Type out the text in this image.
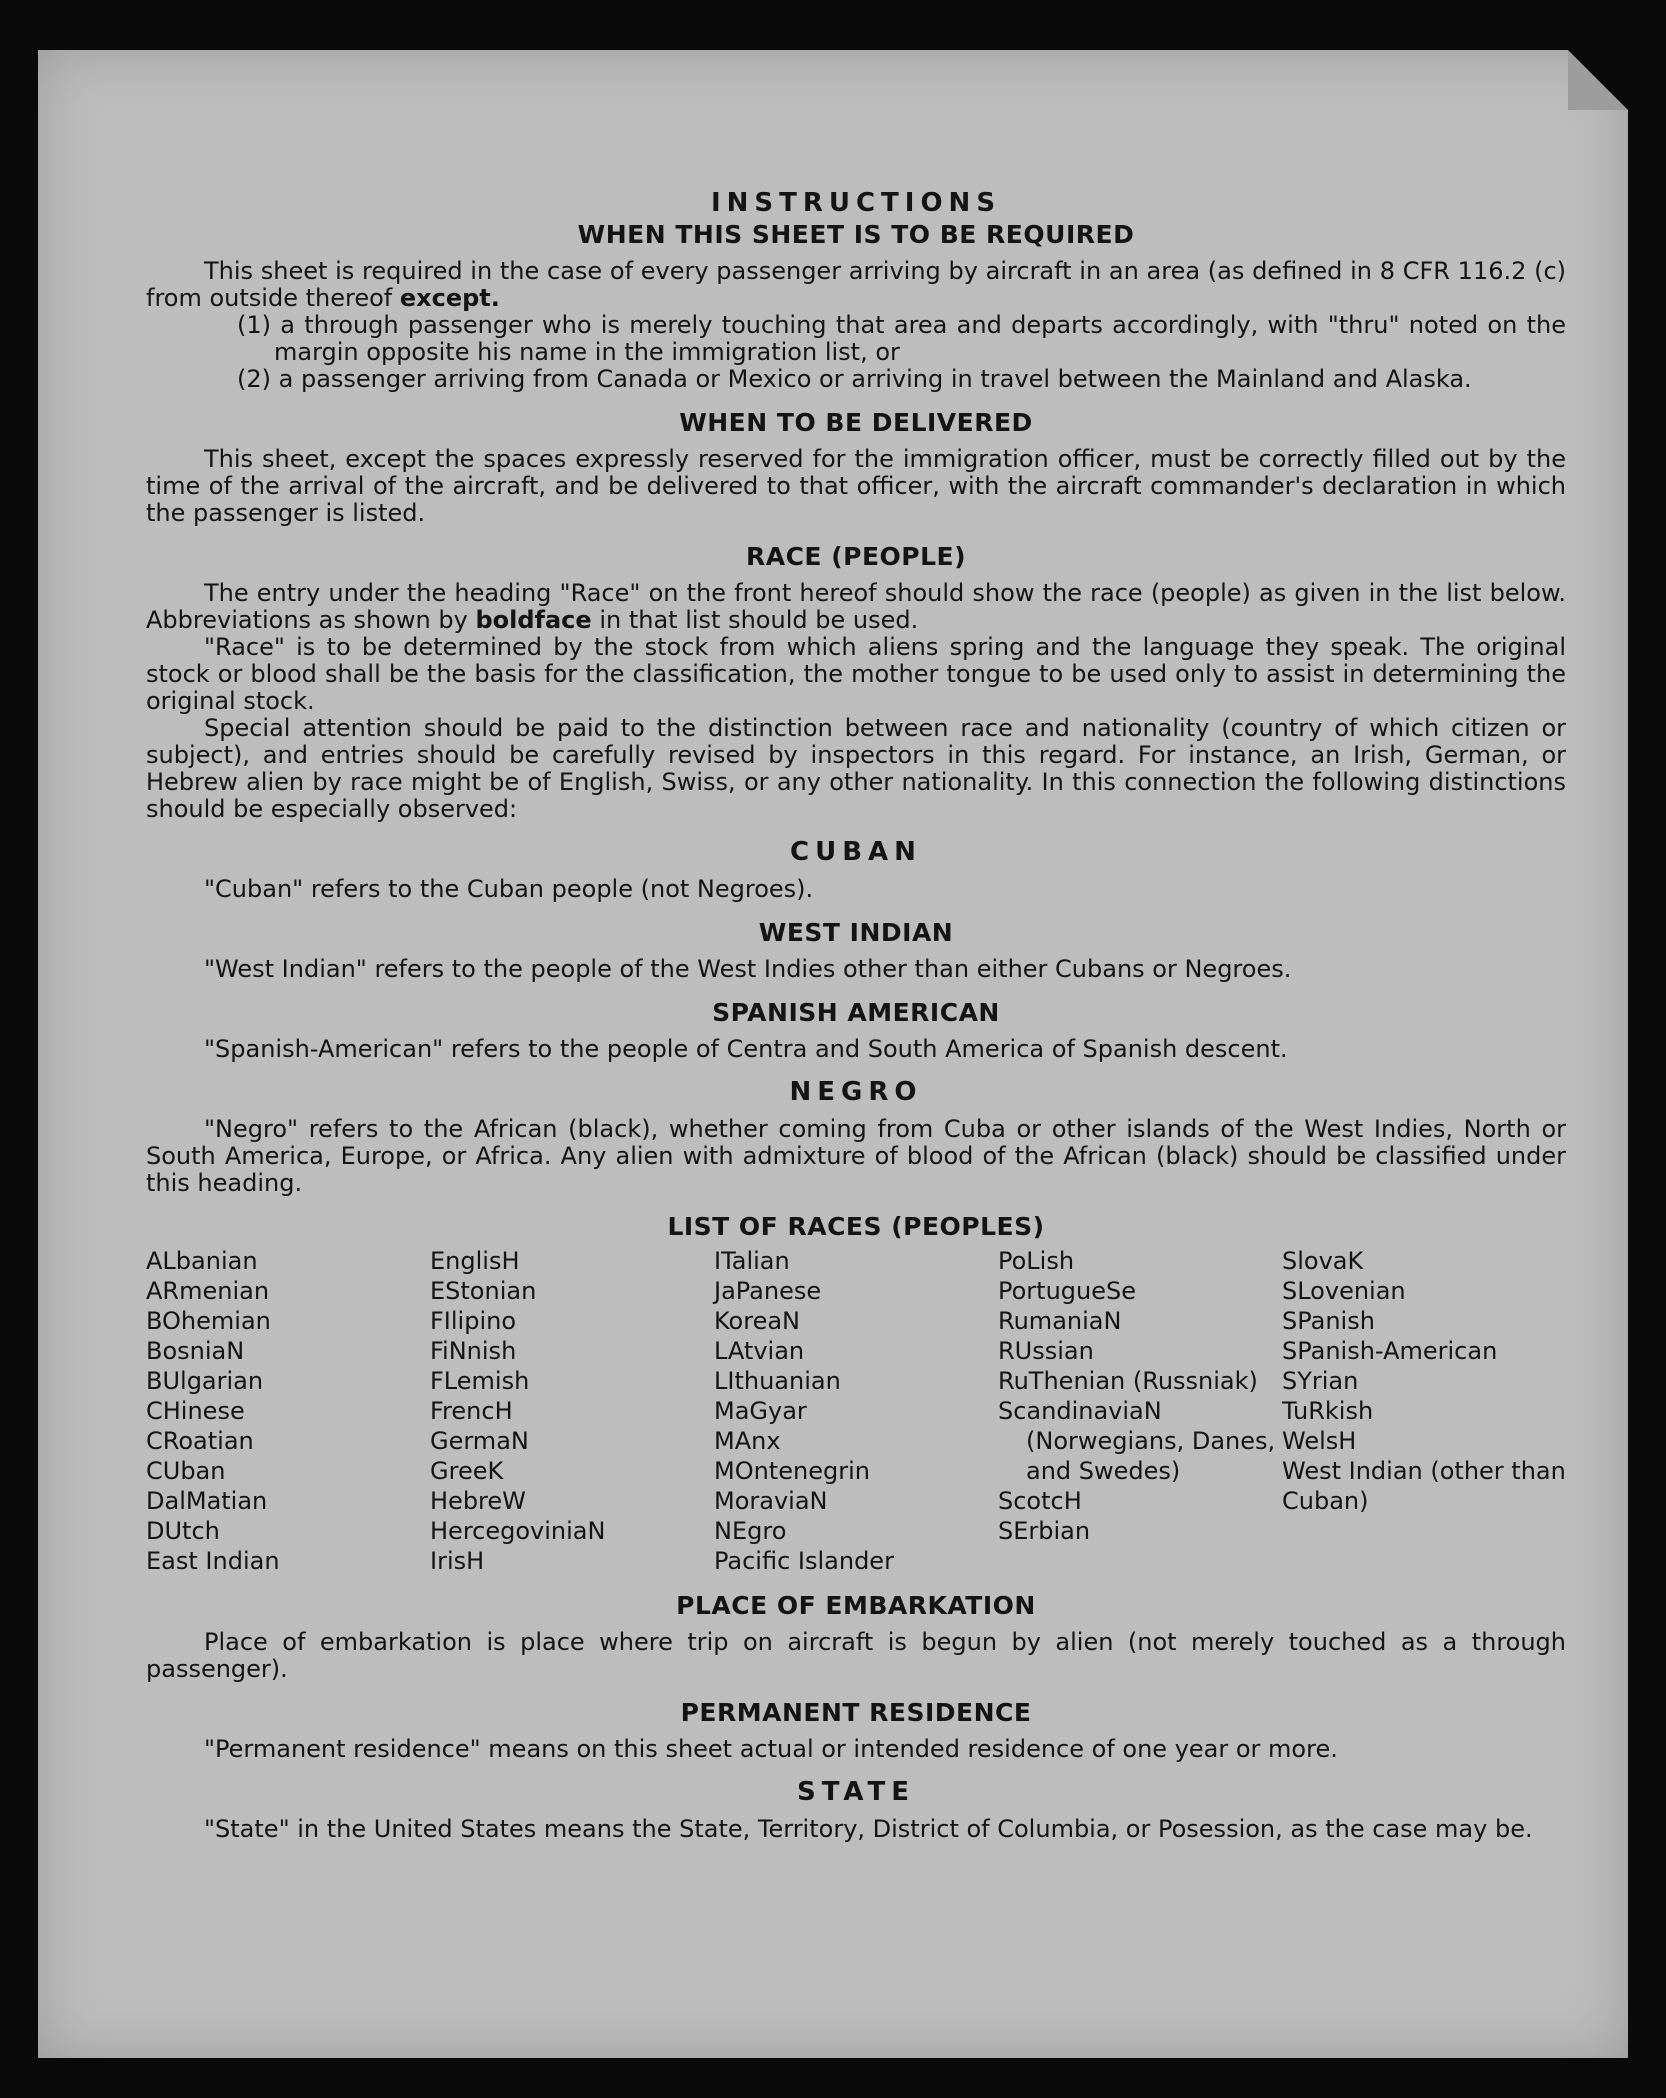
INSTRUCTIONS
WHEN THIS SHEET IS TO BE REQUIRED

This sheet is required in the case of every passenger arriving by aircraft in an area (as defined in 8 CFR 116.2 (c) from outside thereof except.

(1) a through passenger who is merely touching that area and departs accordingly, with "thru" noted on the margin opposite his name in the immigration list, or

(2) a passenger arriving from Canada or Mexico or arriving in travel between the Mainland and Alaska.

WHEN TO BE DELIVERED

This sheet, except the spaces expressly reserved for the immigration officer, must be correctly filled out by the time of the arrival of the aircraft, and be delivered to that officer, with the aircraft commander's declaration in which the passenger is listed.

RACE (PEOPLE)

The entry under the heading "Race" on the front hereof should show the race (people) as given in the list below. Abbreviations as shown by boldface in that list should be used.

"Race" is to be determined by the stock from which aliens spring and the language they speak. The original stock or blood shall be the basis for the classification, the mother tongue to be used only to assist in determining the original stock.

Special attention should be paid to the distinction between race and nationality (country of which citizen or subject), and entries should be carefully revised by inspectors in this regard. For instance, an Irish, German, or Hebrew alien by race might be of English, Swiss, or any other nationality. In this connection the following distinctions should be especially observed:

CUBAN

"Cuban" refers to the Cuban people (not Negroes).

WEST INDIAN

"West Indian" refers to the people of the West Indies other than either Cubans or Negroes.

SPANISH AMERICAN

"Spanish-American" refers to the people of Centra and South America of Spanish descent.

NEGRO

"Negro" refers to the African (black), whether coming from Cuba or other islands of the West Indies, North or South America, Europe, or Africa. Any alien with admixture of blood of the African (black) should be classified under this heading.

LIST OF RACES (PEOPLES)
ALbanian
ARmenian
BOhemian
BosniaN
BUlgarian
CHinese
CRoatian
CUban
DalMatian
DUtch
East Indian
EnglisH
EStonian
FIlipino
FiNnish
FLemish
FrencH
GermaN
GreeK
HebreW
HercegoviniaN
IrisH
ITalian
JaPanese
KoreaN
LAtvian
LIthuanian
MaGyar
MAnx
MOntenegrin
MoraviaN
NEgro
Pacific Islander
PoLish
PortugueSe
RumaniaN
RUssian
RuThenian (Russniak)
ScandinaviaN
(Norwegians, Danes, and Swedes)
ScotcH
SErbian
SlovaK
SLovenian
SPanish
SPanish-American
SYrian
TuRkish
WelsH
West Indian (other than Cuban)
PLACE OF EMBARKATION

Place of embarkation is place where trip on aircraft is begun by alien (not merely touched as a through passenger).

PERMANENT RESIDENCE

"Permanent residence" means on this sheet actual or intended residence of one year or more.

STATE

"State" in the United States means the State, Territory, District of Columbia, or Posession, as the case may be.
